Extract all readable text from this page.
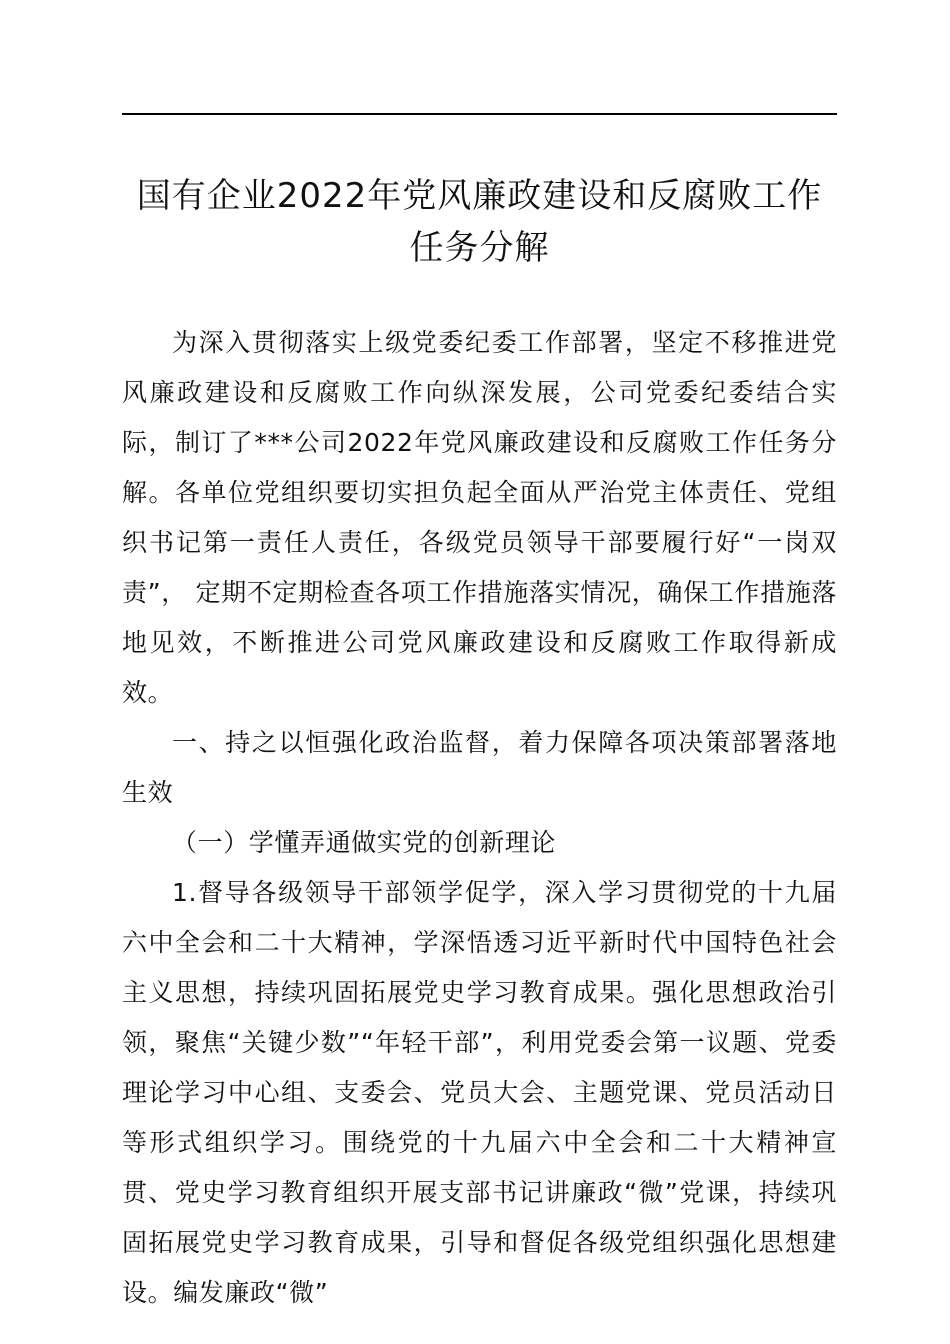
国有企业2022年党风廉政建设和反腐败工作
任务分解

为深入贯彻落实上级党委纪委工作部署，坚定不移推进党风廉政建设和反腐败工作向纵深发展，公司党委纪委结合实际，制订了***公司2022年党风廉政建设和反腐败工作任务分解。各单位党组织要切实担负起全面从严治党主体责任、党组织书记第一责任人责任，各级党员领导干部要履行好“一岗双责”， 定期不定期检查各项工作措施落实情况，确保工作措施落地见效，不断推进公司党风廉政建设和反腐败工作取得新成效。

一、持之以恒强化政治监督，着力保障各项决策部署落地生效

（一）学懂弄通做实党的创新理论

1.督导各级领导干部领学促学，深入学习贯彻党的十九届六中全会和二十大精神，学深悟透习近平新时代中国特色社会主义思想，持续巩固拓展党史学习教育成果。强化思想政治引领，聚焦“关键少数”“年轻干部”，利用党委会第一议题、党委理论学习中心组、支委会、党员大会、主题党课、党员活动日等形式组织学习。围绕党的十九届六中全会和二十大精神宣贯、党史学习教育组织开展支部书记讲廉政“微”党课，持续巩固拓展党史学习教育成果，引导和督促各级党组织强化思想建设。编发廉政“微”
